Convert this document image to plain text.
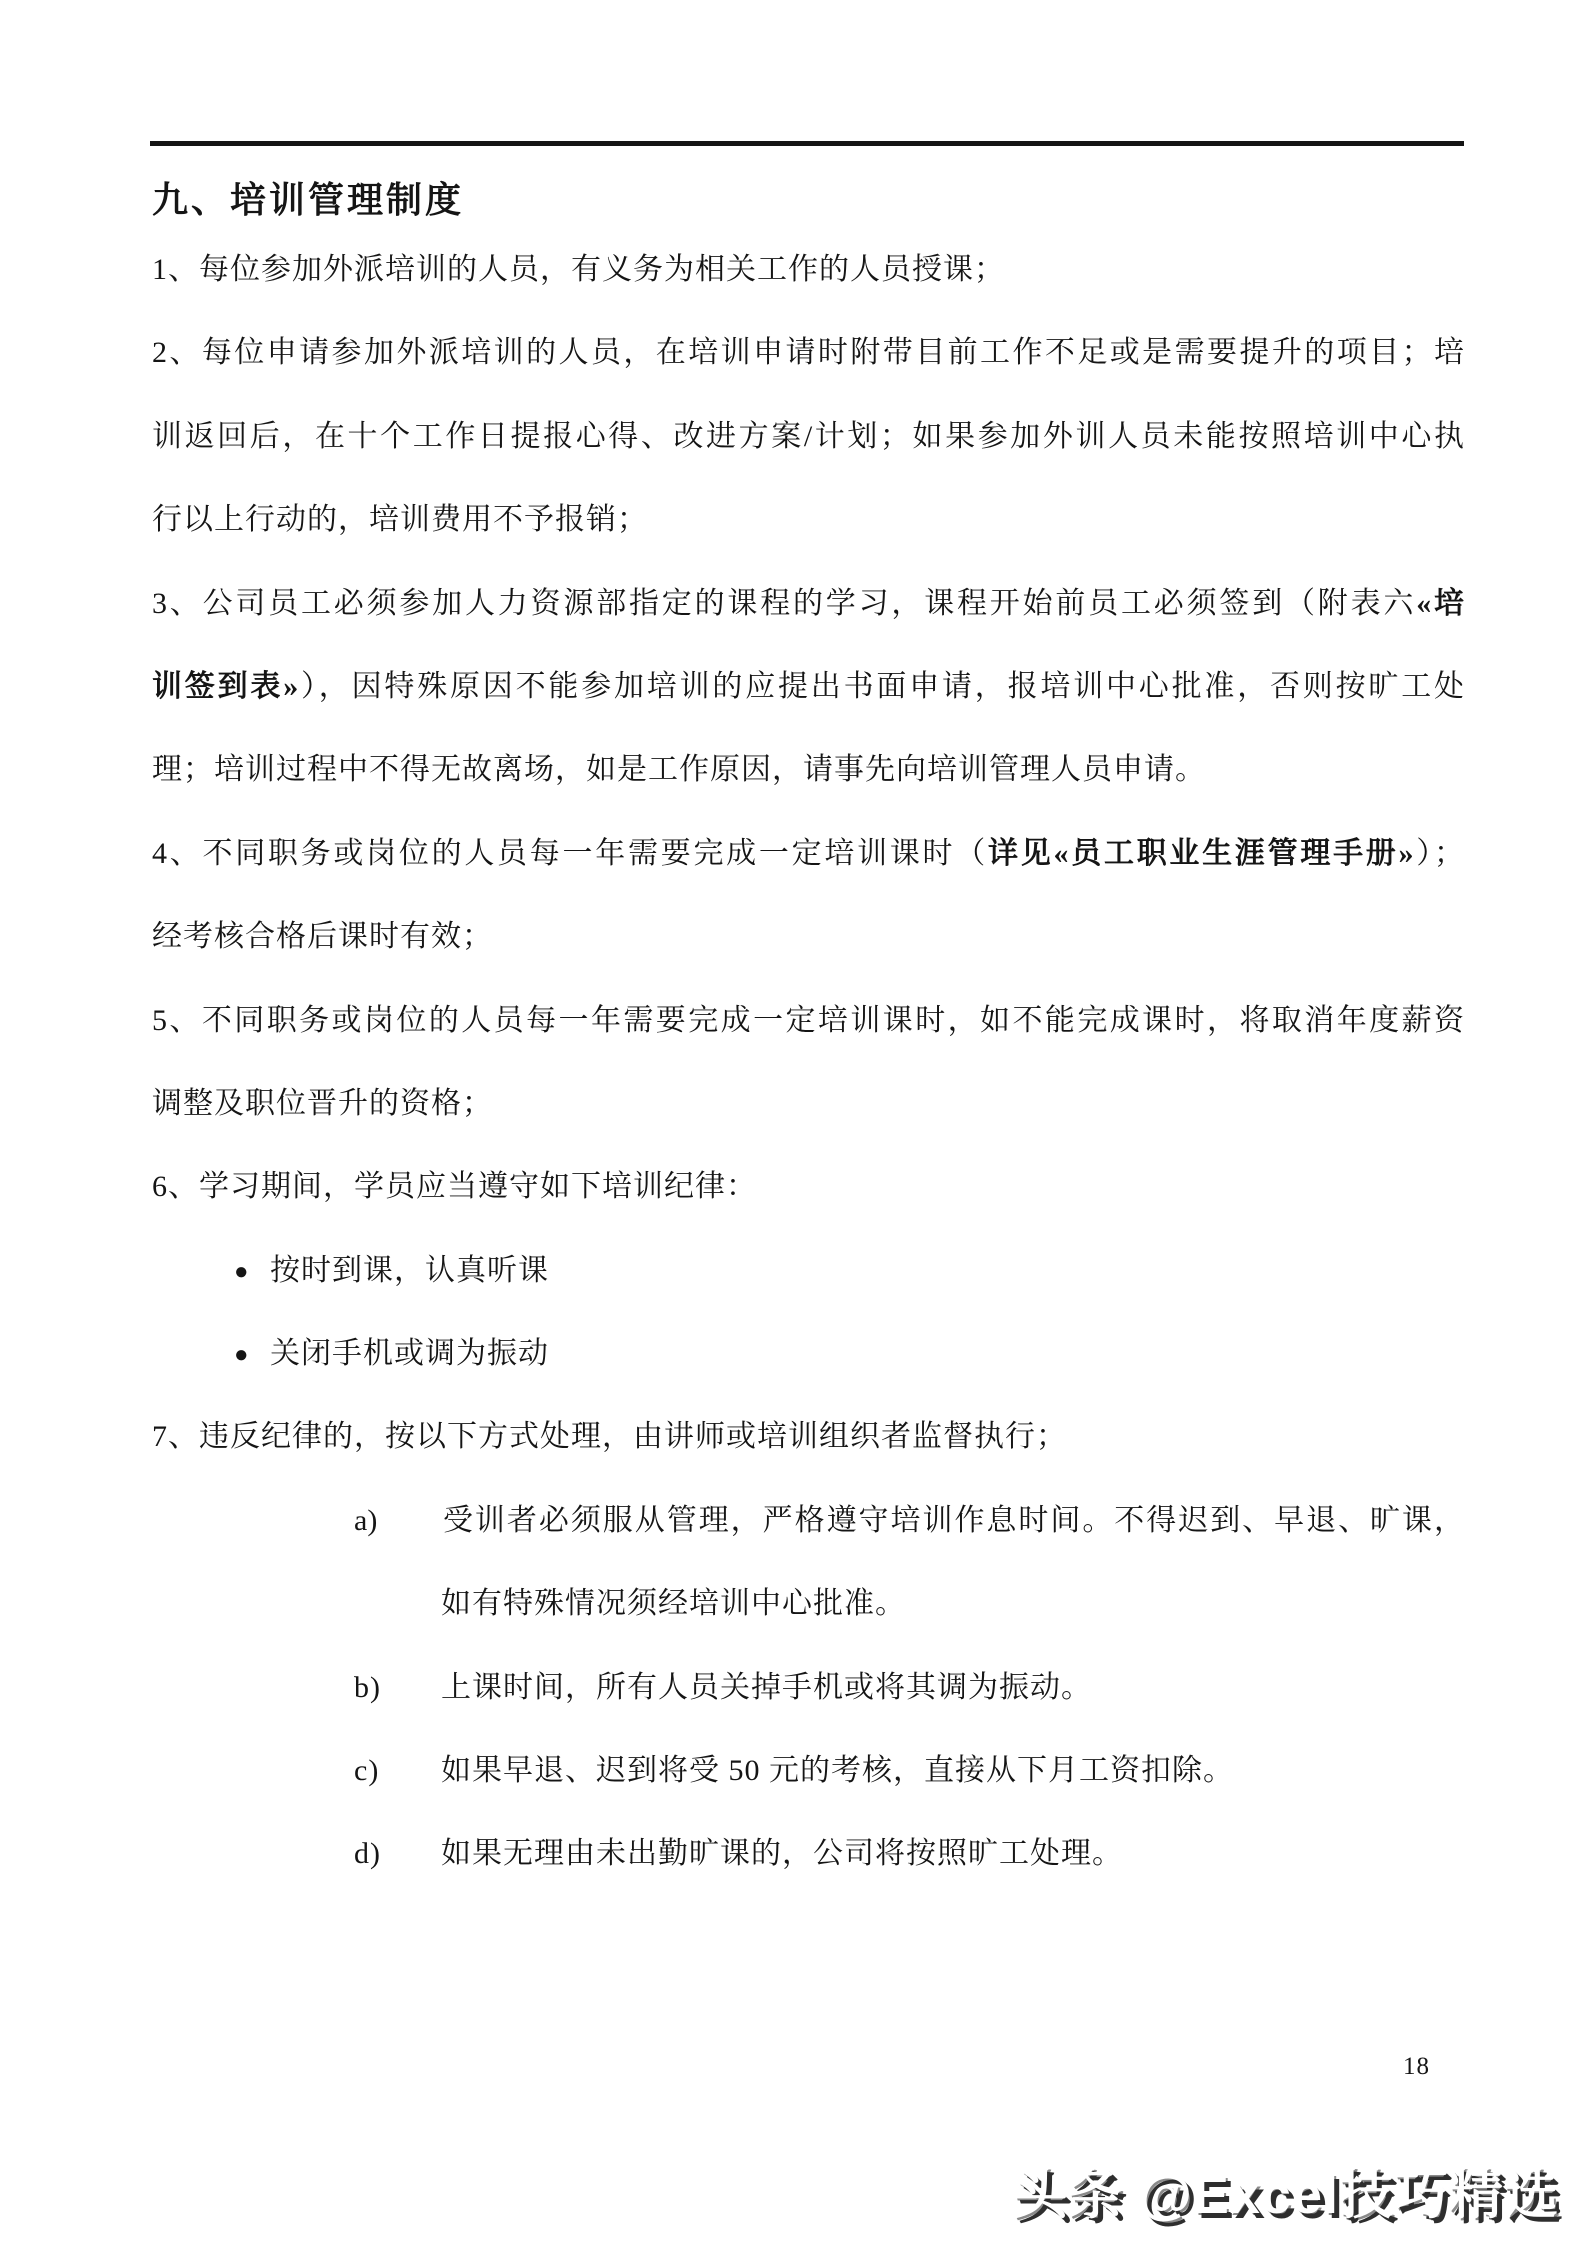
九、培训管理制度
1、每位参加外派培训的人员，有义务为相关工作的人员授课；
2、每位申请参加外派培训的人员，在培训申请时附带目前工作不足或是需要提升的项目；培
训返回后，在十个工作日提报心得、改进方案/计划；如果参加外训人员未能按照培训中心执
行以上行动的，培训费用不予报销；
3、公司员工必须参加人力资源部指定的课程的学习，课程开始前员工必须签到（附表六«培
训签到表»），因特殊原因不能参加培训的应提出书面申请，报培训中心批准，否则按旷工处
理；培训过程中不得无故离场，如是工作原因，请事先向培训管理人员申请。
4、不同职务或岗位的人员每一年需要完成一定培训课时（详见«员工职业生涯管理手册»）；
经考核合格后课时有效；
5、不同职务或岗位的人员每一年需要完成一定培训课时，如不能完成课时，将取消年度薪资
调整及职位晋升的资格；
6、学习期间，学员应当遵守如下培训纪律：
● 按时到课，认真听课
● 关闭手机或调为振动
7、违反纪律的，按以下方式处理，由讲师或培训组织者监督执行；
a) 受训者必须服从管理，严格遵守培训作息时间。不得迟到、早退、旷课，
如有特殊情况须经培训中心批准。
b) 上课时间，所有人员关掉手机或将其调为振动。
c) 如果早退、迟到将受 50 元的考核，直接从下月工资扣除。
d) 如果无理由未出勤旷课的，公司将按照旷工处理。
18
头条 @Excel技巧精选
